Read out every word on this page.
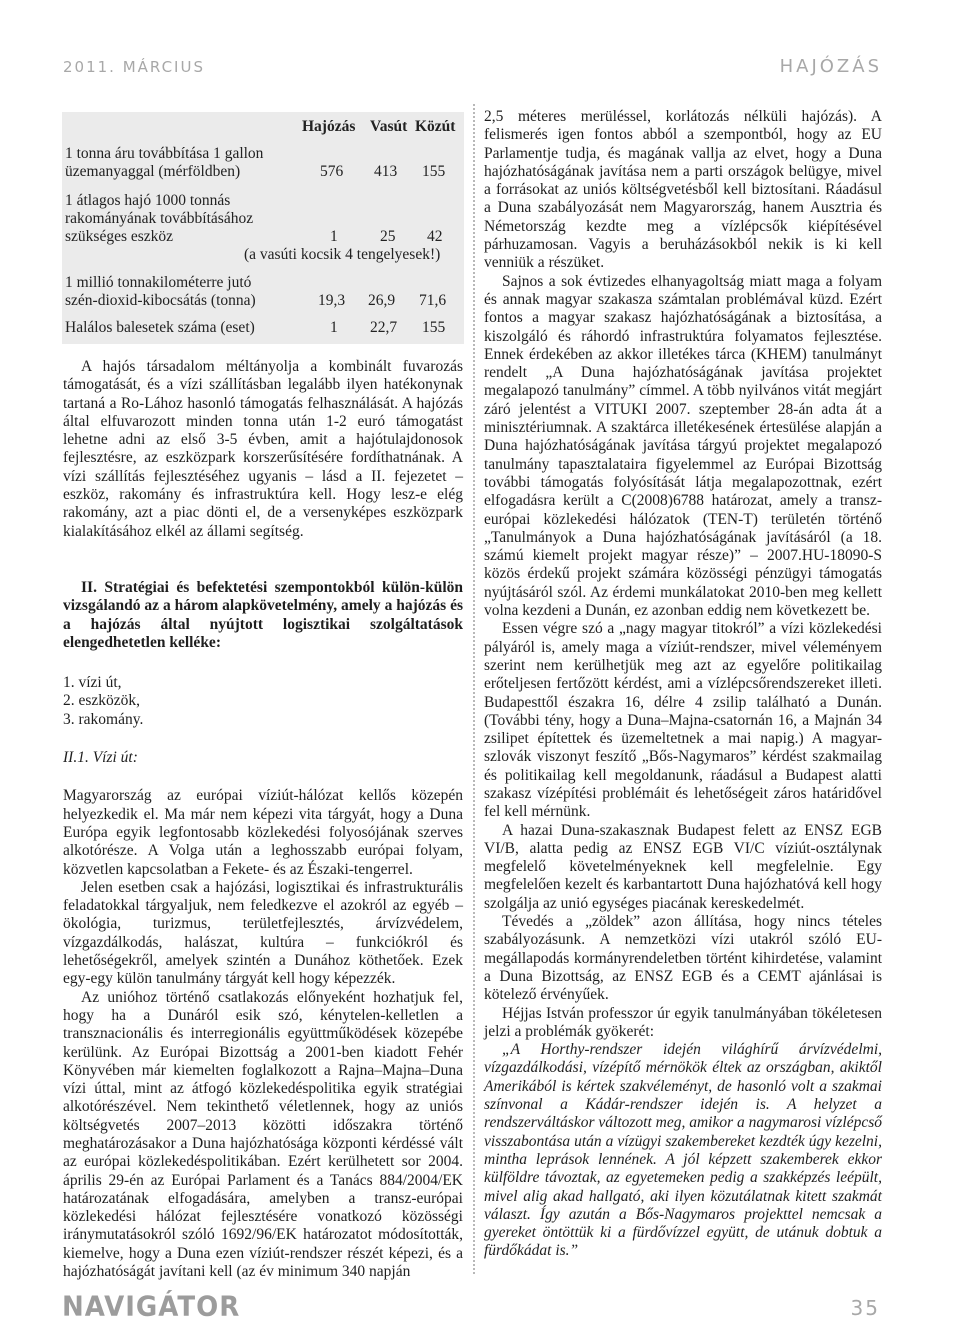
2011. MÁRCIUS	HAJÓZÁS
Hajózás Vasút Közút
1 tonna áru továbbítása 1 gallon
üzemanyaggal (mérföldben)	576 413 155
1 átlagos hajó 1000 tonnás
rakományának továbbításához
szükséges eszköz	1	25 42
(a vasúti kocsik 4 tengelyesek!)
1 millió tonnakilométerre jutó
szén-dioxid-kibocsátás (tonna)	19,3 26,9 71,6
Halálos balesetek száma (eset)	1 22,7 155

A hajós társadalom méltányolja a kombinált fuvarozás támogatását, és a vízi szállításban legalább ilyen hatékonynak tartaná a Ro-Lához hasonló támogatás felhasználását. A hajózás által elfuvarozott minden tonna után 1-2 euró támogatást lehetne adni az első 3-5 évben, amit a hajótulajdonosok fejlesztésre, az eszközpark korszerűsítésére fordíthatnának. A vízi szállítás fejlesztéséhez ugyanis – lásd a II. fejezetet – eszköz, rakomány és infrastruktúra kell. Hogy lesz-e elég rakomány, azt a piac dönti el, de a versenyképes eszközpark kialakításához elkél az állami segítség.

II. Stratégiai és befektetési szempontokból külön-külön vizsgálandó az a három alapkövetelmény, amely a hajózás és a hajózás által nyújtott logisztikai szolgáltatások elengedhetetlen kelléke:

1. vízi út,

2. eszközök,

3. rakomány.

II.1. Vízi út:

Magyarország az európai víziút-hálózat kellős közepén helyezkedik el. Ma már nem képezi vita tárgyát, hogy a Duna Európa egyik legfontosabb közlekedési folyosójának szerves alkotórésze. A Volga után a leghosszabb európai folyam, közvetlen kapcsolatban a Fekete- és az Északi-tengerrel.

Jelen esetben csak a hajózási, logisztikai és infrastrukturális feladatokkal tárgyaljuk, nem feledkezve el azokról az egyéb – ökológia, turizmus, területfejlesztés, árvízvédelem, vízgazdálkodás, halászat, kultúra – funkciókról és lehetőségekről, amelyek szintén a Dunához köthetőek. Ezek egy-egy külön tanulmány tárgyát kell hogy képezzék.

Az unióhoz történő csatlakozás előnyeként hozhatjuk fel, hogy ha a Dunáról esik szó, kénytelen-kelletlen a transznacionális és interregionális együttműködések közepébe kerülünk. Az Európai Bizottság a 2001-ben kiadott Fehér Könyvében már kiemelten foglalkozott a Rajna–Majna–Duna vízi úttal, mint az átfogó közlekedéspolitika egyik stratégiai alkotórészével. Nem tekinthető véletlennek, hogy az uniós költségvetés 2007–2013 közötti időszakra történő meghatározásakor a Duna hajózhatósága központi kérdéssé vált az európai közlekedéspolitikában. Ezért kerülhetett sor 2004. április 29-én az Európai Parlament és a Tanács 884/2004/EK határozatának elfogadására, amelyben a transz-európai közlekedési hálózat fejlesztésére vonatkozó közösségi iránymutatásokról szóló 1692/96/EK határozatot módosították, kiemelve, hogy a Duna ezen víziút-rendszer részét képezi, és a hajózhatóságát javítani kell (az év minimum 340 napján

2,5 méteres merüléssel, korlátozás nélküli hajózás). A felismerés igen fontos abból a szempontból, hogy az EU Parlamentje tudja, és magának vallja az elvet, hogy a Duna hajózhatóságának javítása nem a parti országok belügye, mivel a forrásokat az uniós költségvetésből kell biztosítani. Ráadásul a Duna szabályozását nem Magyarország, hanem Ausztria és Németország kezdte meg a vízlépcsők kiépítésével párhuzamosan. Vagyis a beruházásokból nekik is ki kell venniük a részüket.

Sajnos a sok évtizedes elhanyagoltság miatt maga a folyam és annak magyar szakasza számtalan problémával küzd. Ezért fontos a magyar szakasz hajózhatóságának a biztosítása, a kiszolgáló és ráhordó infrastruktúra folyamatos fejlesztése. Ennek érdekében az akkor illetékes tárca (KHEM) tanulmányt rendelt „A Duna hajózhatóságának javítása projektet megalapozó tanulmány” címmel. A több nyilvános vitát megjárt záró jelentést a VITUKI 2007. szeptember 28-án adta át a minisztériumnak. A szaktárca illetékesének értesülése alapján a Duna hajózhatóságának javítása tárgyú projektet megalapozó tanulmány tapasztalataira figyelemmel az Európai Bizottság további támogatás folyósítását látja megalapozottnak, ezért elfogadásra került a C(2008)6788 határozat, amely a transz-európai közlekedési hálózatok (TEN-T) területén történő „Tanulmányok a Duna hajózhatóságának javításáról (a 18. számú kiemelt projekt magyar része)” – 2007.HU-18090-S közös érdekű projekt számára közösségi pénzügyi támogatás nyújtásáról szól. Az érdemi munkálatokat 2010-ben meg kellett volna kezdeni a Dunán, ez azonban eddig nem következett be.

Essen végre szó a „nagy magyar titokról” a vízi közlekedési pályáról is, amely maga a víziút-rendszer, mivel véleményem szerint nem kerülhetjük meg azt az egyelőre politikailag erőteljesen fertőzött kérdést, ami a vízlépcsőrendszereket illeti. Budapesttől északra 16, délre 4 zsilip található a Dunán. (További tény, hogy a Duna–Majna-csatornán 16, a Majnán 34 zsilipet építettek és üzemeltetnek a mai napig.) A magyar-szlovák viszonyt feszítő „Bős-Nagymaros” kérdést szakmailag és politikailag kell megoldanunk, ráadásul a Budapest alatti szakasz vízépítési problémáit és lehetőségeit záros határidővel fel kell mérnünk.

A hazai Duna-szakasznak Budapest felett az ENSZ EGB VI/B, alatta pedig az ENSZ EGB VI/C víziút-osztálynak megfelelő követelményeknek kell megfelelnie. Egy megfelelően kezelt és karbantartott Duna hajózhatóvá kell hogy szolgálja az unió egységes piacának kereskedelmét.

Tévedés a „zöldek” azon állítása, hogy nincs tételes szabályozásunk. A nemzetközi vízi utakról szóló EU-megállapodás kormányrendeletben történt kihirdetése, valamint a Duna Bizottság, az ENSZ EGB és a CEMT ajánlásai is kötelező érvényűek.

Héjjas István professzor úr egyik tanulmányában tökéletesen jelzi a problémák gyökerét:

„A Horthy-rendszer idején világhírű árvízvédelmi, vízgazdálkodási, vízépítő mérnökök éltek az országban, akiktől Amerikából is kértek szakvéleményt, de hasonló volt a szakmai színvonal a Kádár-rendszer idején is. A helyzet a rendszerváltáskor változott meg, amikor a nagymarosi vízlépcső visszabontása után a vízügyi szakembereket kezdték úgy kezelni, mintha leprások lennének. A jól képzett szakemberek ekkor külföldre távoztak, az egyetemeken pedig a szakképzés leépült, mivel alig akad hallgató, aki ilyen közutálatnak kitett szakmát választ. Így azután a Bős-Nagymaros projekttel nemcsak a gyereket öntöttük ki a fürdővízzel együtt, de utánuk dobtuk a fürdőkádat is.”

NAVIGÁTOR	35
